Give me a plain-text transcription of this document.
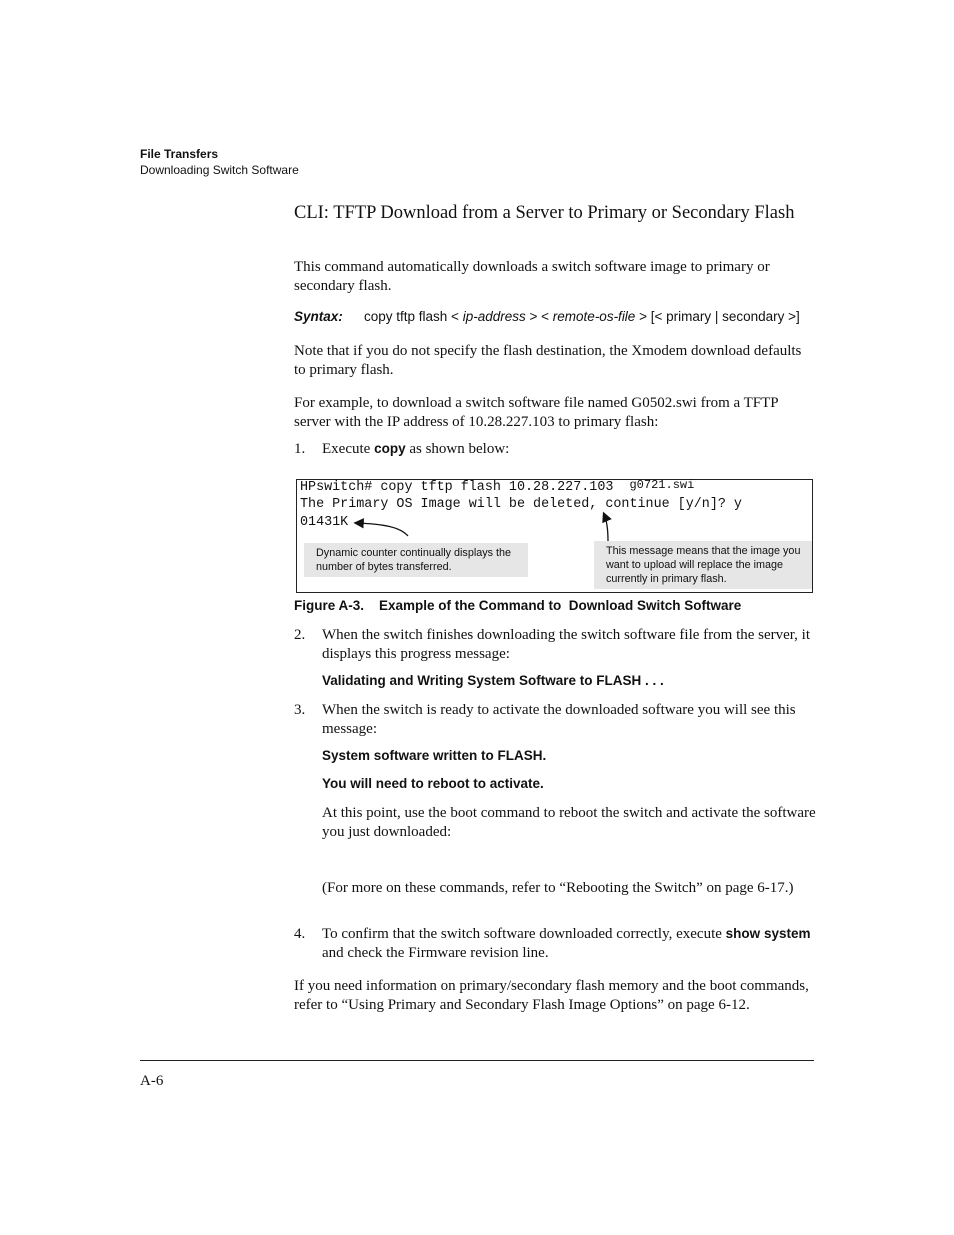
File Transfers
Downloading Switch Software
CLI: TFTP Download from a Server to Primary or Secondary Flash
This command automatically downloads a switch software image to primary or secondary flash.
Syntax: copy tftp flash < ip-address > < remote-os-file > [< primary | secondary >]
Note that if you do not specify the flash destination, the Xmodem download defaults to primary flash.
For example, to download a switch software file named G0502.swi from a TFTP server with the IP address of 10.28.227.103 to primary flash:
1. Execute copy as shown below:
HPswitch# copy tftp flash 10.28.227.103 g0721.swi
The Primary OS Image will be deleted, continue [y/n]? y
01431K
Dynamic counter continually displays the number of bytes transferred.
This message means that the image you want to upload will replace the image currently in primary flash.
Figure A-3. Example of the Command to  Download Switch Software
2. When the switch finishes downloading the switch software file from the server, it displays this progress message:
Validating and Writing System Software to FLASH . . .
3. When the switch is ready to activate the downloaded software you will see this message:
System software written to FLASH.
You will need to reboot to activate.
At this point, use the boot command to reboot the switch and activate the software you just downloaded:
(For more on these commands, refer to “Rebooting the Switch” on page 6-17.)
4. To confirm that the switch software downloaded correctly, execute show system and check the Firmware revision line.
If you need information on primary/secondary flash memory and the boot commands, refer to “Using Primary and Secondary Flash Image Options” on page 6-12.
A-6
